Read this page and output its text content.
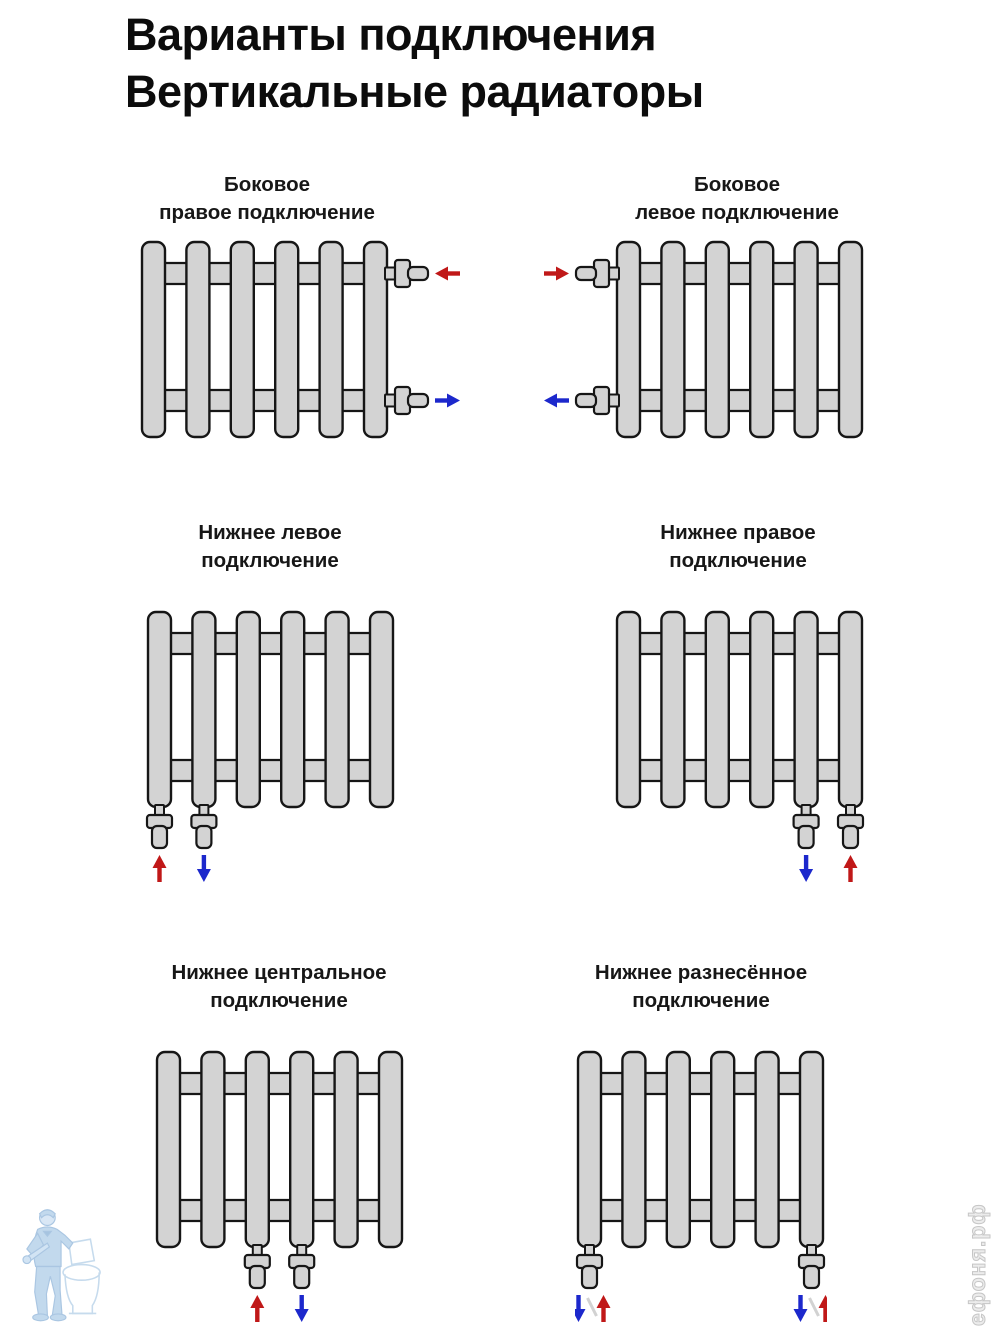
Варианты подключения
Вертикальные радиаторы
Боковое
правое подключение
Боковое
левое подключение
Нижнее левое
подключение
Нижнее правое
подключение
Нижнее центральное
подключение
Нижнее разнесённое
подключение
ефоня.рф
